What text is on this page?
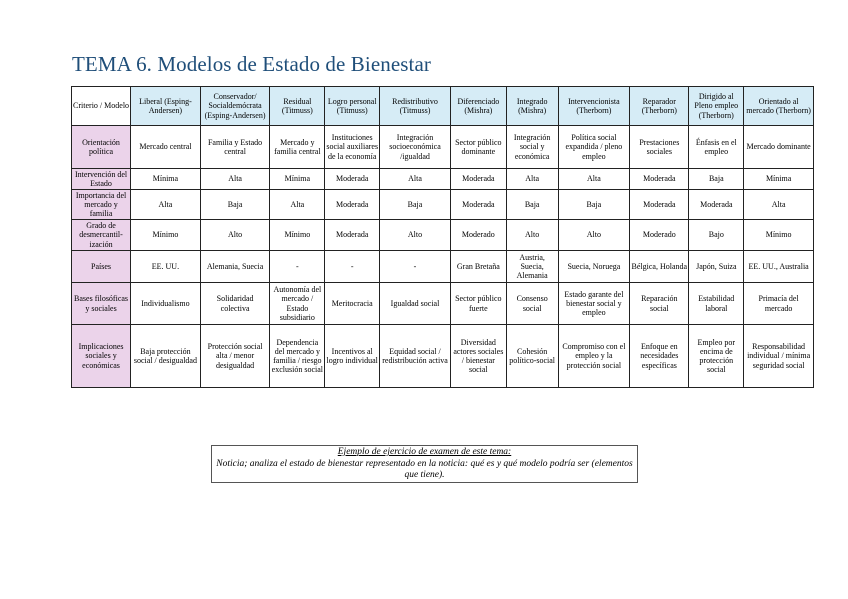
TEMA 6. Modelos de Estado de Bienestar
Criterio / Modelo	Liberal (Esping-Andersen)	Conservador/ Socialdemócrata (Esping-Andersen)	Residual (Titmuss)	Logro personal (Titmuss)	Redistributivo (Titmuss)	Diferenciado (Mishra)	Integrado (Mishra)	Intervencionista (Therborn)	Reparador (Therborn)	Dirigido al Pleno empleo (Therborn)	Orientado al mercado (Therborn)
Orientación política	Mercado central	Familia y Estado central	Mercado y familia central	Instituciones social auxiliares de la economía	Integración socioeconómica /igualdad	Sector público dominante	Integración social y económica	Política social expandida / pleno empleo	Prestaciones sociales	Énfasis en el empleo	Mercado dominante
Intervención del Estado	Mínima	Alta	Mínima	Moderada	Alta	Moderada	Alta	Alta	Moderada	Baja	Mínima
Importancia del mercado y familia	Alta	Baja	Alta	Moderada	Baja	Moderada	Baja	Baja	Moderada	Moderada	Alta
Grado de desmercantil-ización	Mínimo	Alto	Mínimo	Moderada	Alto	Moderado	Alto	Alto	Moderado	Bajo	Mínimo
Países	EE. UU.	Alemania, Suecia	-	-	-	Gran Bretaña	Austria, Suecia, Alemania	Suecia, Noruega	Bélgica, Holanda	Japón, Suiza	EE. UU., Australia
Bases filosóficas y sociales	Individualismo	Solidaridad colectiva	Autonomía del mercado / Estado subsidiario	Meritocracia	Igualdad social	Sector público fuerte	Consenso social	Estado garante del bienestar social y empleo	Reparación social	Estabilidad laboral	Primacía del mercado
Implicaciones sociales y económicas	Baja protección social / desigualdad	Protección social alta / menor desigualdad	Dependencia del mercado y familia / riesgo exclusión social	Incentivos al logro individual	Equidad social / redistribución activa	Diversidad actores sociales / bienestar social	Cohesión político-social	Compromiso con el empleo y la protección social	Enfoque en necesidades específicas	Empleo por encima de protección social	Responsabilidad individual / mínima seguridad social
Ejemplo de ejercicio de examen de este tema:
Noticia; analiza el estado de bienestar representado en la noticia: qué es y qué modelo podría ser (elementos que tiene).
